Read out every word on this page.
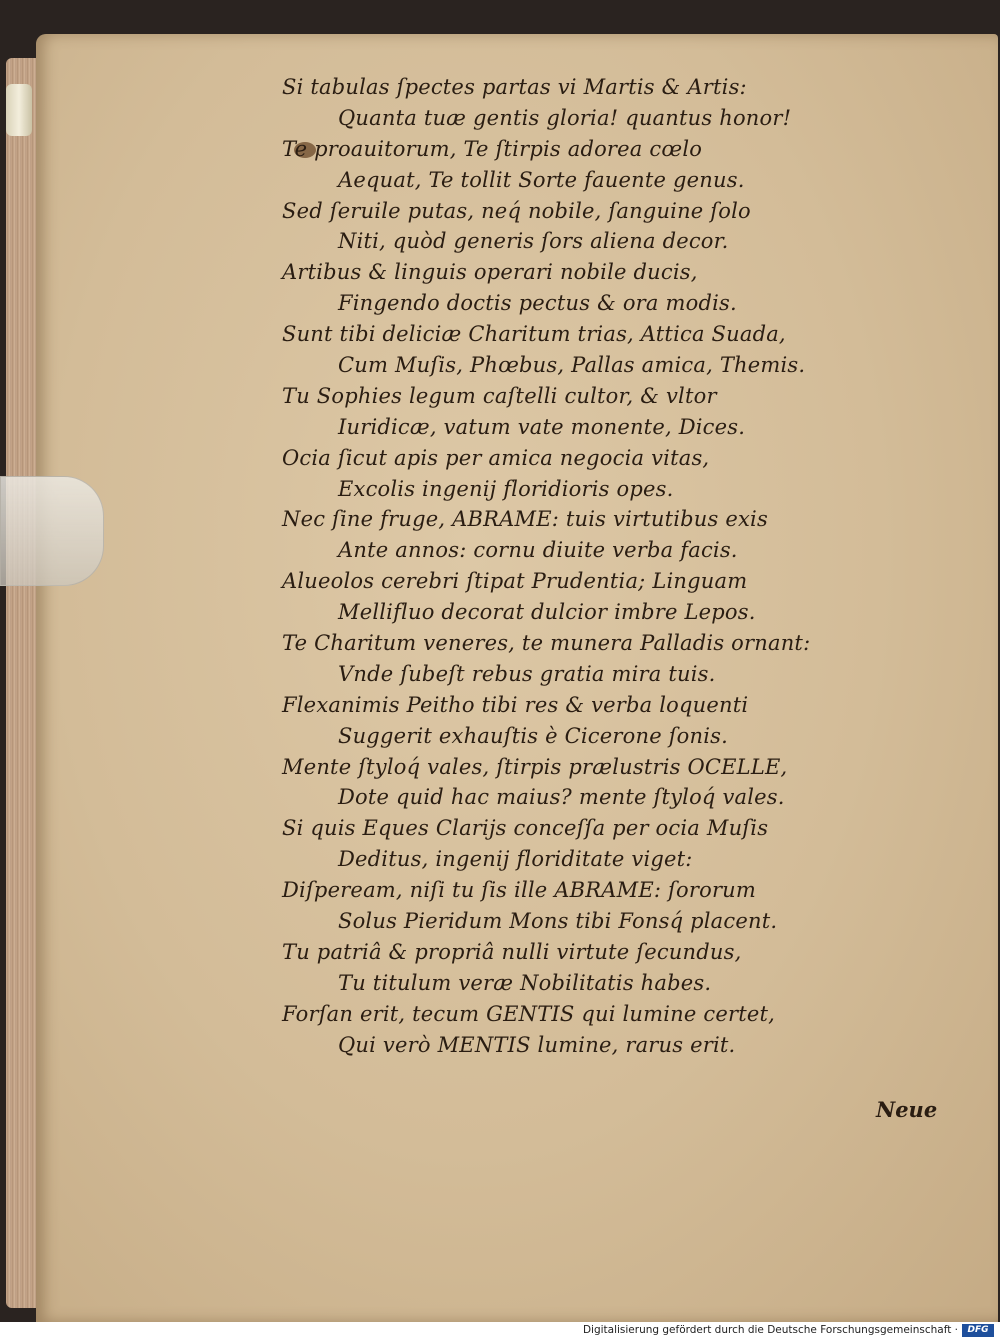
Si tabulas ſpectes partas vi Martis & Artis:
Quanta tuæ gentis gloria! quantus honor!
Te proauitorum, Te ſtirpis adorea cœlo
Aequat, Te tollit Sorte fauente genus.
Sed ſeruile putas, neq́ nobile, ſanguine ſolo
Niti, quòd generis ſors aliena decor.
Artibus & linguis operari nobile ducis,
Fingendo doctis pectus & ora modis.
Sunt tibi deliciæ Charitum trias, Attica Suada,
Cum Muſis, Phœbus, Pallas amica, Themis.
Tu Sophies legum caſtelli cultor, & vltor
Iuridicæ, vatum vate monente, Dices.
Ocia ſicut apis per amica negocia vitas,
Excolis ingenij floridioris opes.
Nec ſine fruge, ABRAME: tuis virtutibus exis
Ante annos: cornu diuite verba facis.
Alueolos cerebri ſtipat Prudentia; Linguam
Mellifluo decorat dulcior imbre Lepos.
Te Charitum veneres, te munera Palladis ornant:
Vnde ſubeſt rebus gratia mira tuis.
Flexanimis Peitho tibi res & verba loquenti
Suggerit exhauſtis è Cicerone ſonis.
Mente ſtyloq́ vales, ſtirpis prælustris OCELLE,
Dote quid hac maius? mente ſtyloq́ vales.
Si quis Eques Clarijs conceſſa per ocia Muſis
Deditus, ingenij floriditate viget:
Diſpeream, niſi tu ſis ille ABRAME: ſororum
Solus Pieridum Mons tibi Fonsq́ placent.
Tu patriâ & propriâ nulli virtute ſecundus,
Tu titulum veræ Nobilitatis habes.
Forſan erit, tecum GENTIS qui lumine certet,
Qui verò MENTIS lumine, rarus erit.
Neue
Digitalisierung gefördert durch die Deutsche Forschungsgemeinschaft ·	DFG
